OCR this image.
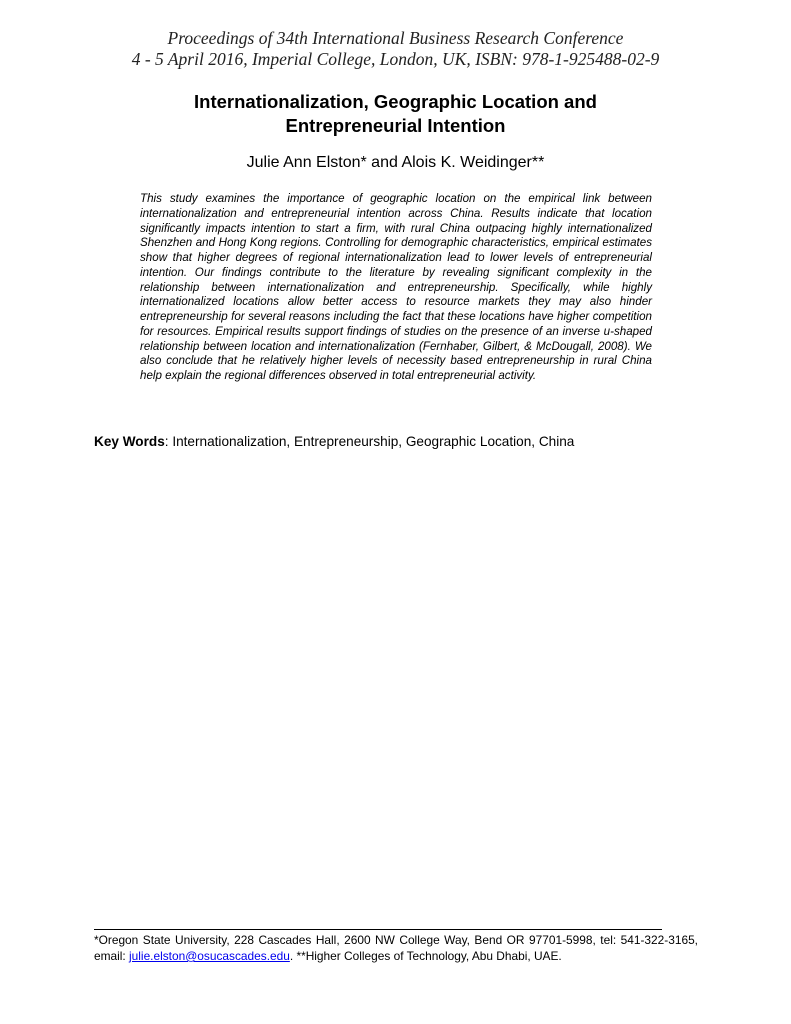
Proceedings of 34th International Business Research Conference
4 - 5 April 2016, Imperial College, London, UK, ISBN: 978-1-925488-02-9
Internationalization, Geographic Location and
Entrepreneurial Intention
Julie Ann Elston* and Alois K. Weidinger**

This study examines the importance of geographic location on the empirical link between internationalization and entrepreneurial intention across China. Results indicate that location significantly impacts intention to start a firm, with rural China outpacing highly internationalized Shenzhen and Hong Kong regions. Controlling for demographic characteristics, empirical estimates show that higher degrees of regional internationalization lead to lower levels of entrepreneurial intention. Our findings contribute to the literature by revealing significant complexity in the relationship between internationalization and entrepreneurship. Specifically, while highly internationalized locations allow better access to resource markets they may also hinder entrepreneurship for several reasons including the fact that these locations have higher competition for resources. Empirical results support findings of studies on the presence of an inverse u-shaped relationship between location and internationalization (Fernhaber, Gilbert, & McDougall, 2008). We also conclude that he relatively higher levels of necessity based entrepreneurship in rural China help explain the regional differences observed in total entrepreneurial activity.

Key Words: Internationalization, Entrepreneurship, Geographic Location, China
*Oregon State University, 228 Cascades Hall, 2600 NW College Way, Bend OR 97701-5998, tel: 541-322-3165, email: julie.elston@osucascades.edu. **Higher Colleges of Technology, Abu Dhabi, UAE.
